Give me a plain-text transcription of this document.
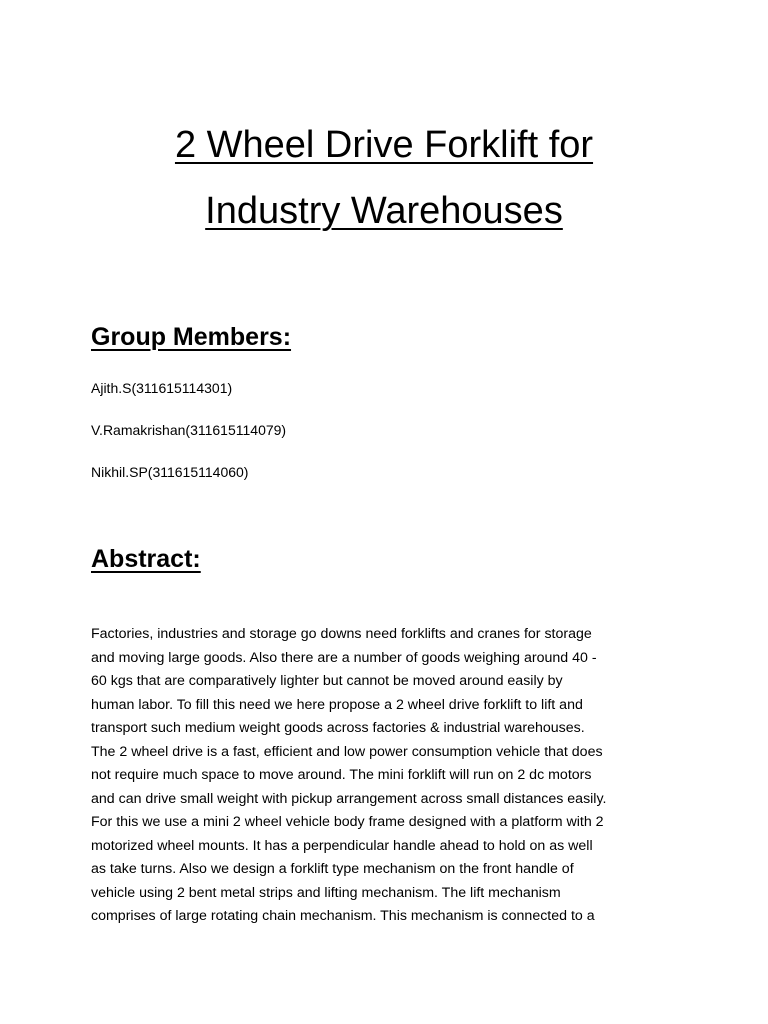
2 Wheel Drive Forklift for
Industry Warehouses
Group Members:

Ajith.S(311615114301)

V.Ramakrishan(311615114079)

Nikhil.SP(311615114060)

Abstract:
Factories, industries and storage go downs need forklifts and cranes for storage
and moving large goods. Also there are a number of goods weighing around 40 -
60 kgs that are comparatively lighter but cannot be moved around easily by
human labor. To fill this need we here propose a 2 wheel drive forklift to lift and
transport such medium weight goods across factories & industrial warehouses.
The 2 wheel drive is a fast, efficient and low power consumption vehicle that does
not require much space to move around. The mini forklift will run on 2 dc motors
and can drive small weight with pickup arrangement across small distances easily.
For this we use a mini 2 wheel vehicle body frame designed with a platform with 2
motorized wheel mounts. It has a perpendicular handle ahead to hold on as well
as take turns. Also we design a forklift type mechanism on the front handle of
vehicle using 2 bent metal strips and lifting mechanism. The lift mechanism
comprises of large rotating chain mechanism. This mechanism is connected to a
